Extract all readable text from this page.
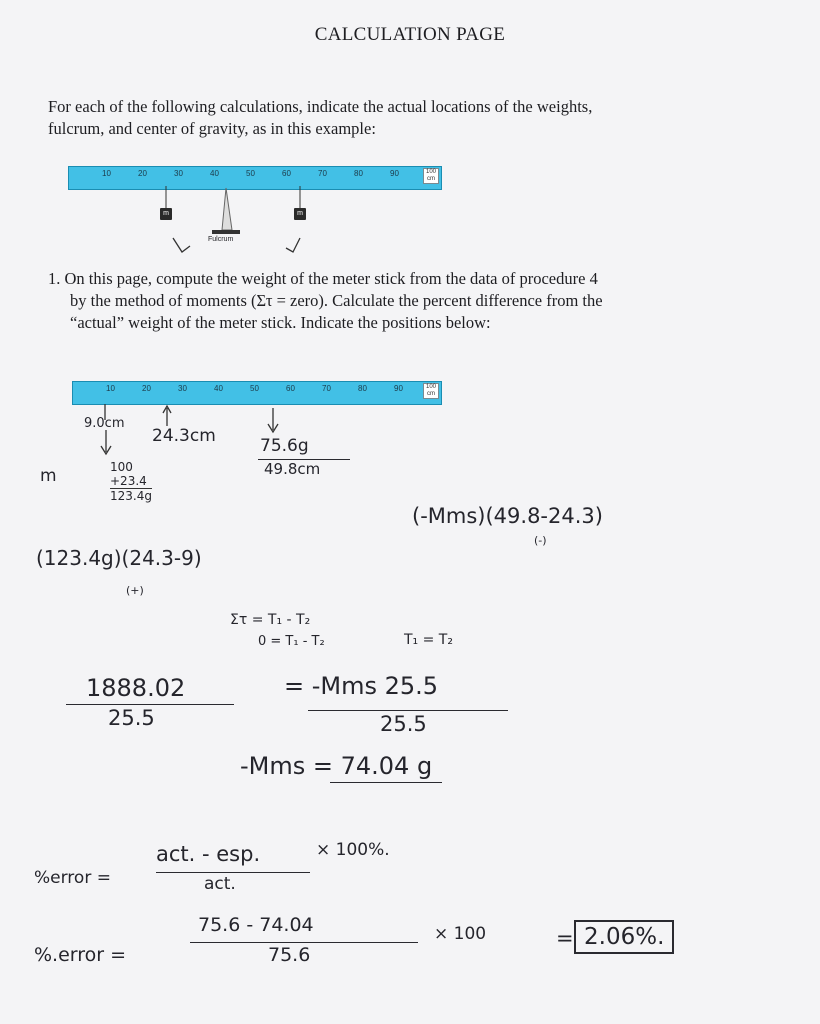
CALCULATION PAGE
For each of the following calculations, indicate the actual locations of the weights,
fulcrum, and center of gravity, as in this example:
10	20	30	40	50	60	70	80	90	100
cm
m	m
Fulcrum
1. On this page, compute the weight of the meter stick from the data of procedure 4
by the method of moments (Στ = zero). Calculate the percent difference from the
“actual” weight of the meter stick. Indicate the positions below:
10	20	30	40	50	60	70	80	90	100
cm
9.0cm
24.3cm	75.6g
49.8cm
m	100
+23.4
123.4g
(-Mms)(49.8-24.3)
(-)
(123.4g)(24.3-9)
(+)
Στ = T₁ - T₂
0 = T₁ - T₂	T₁ = T₂
1888.02
25.5
= -Mms 25.5
25.5
-Mms = 74.04 g
%error =
act. - esp.
act.
× 100%.
%.error =
75.6 - 74.04
75.6
× 100	= 2.06%.
